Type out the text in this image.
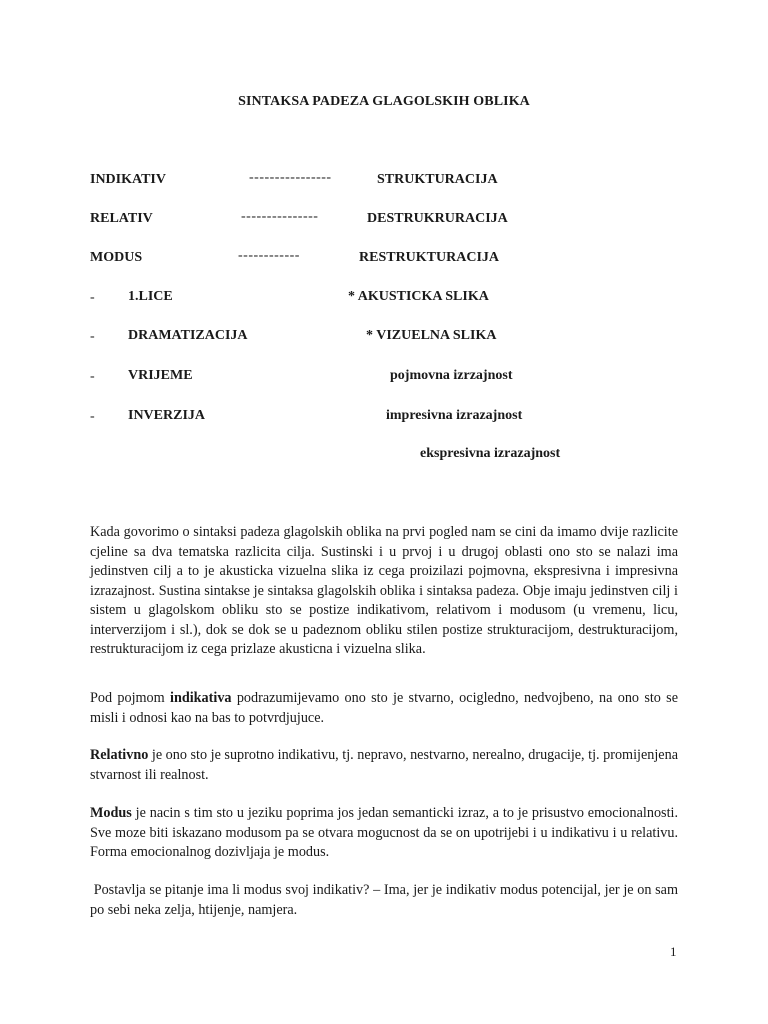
SINTAKSA PADEZA GLAGOLSKIH OBLIKA
INDIKATIV	----------------	STRUKTURACIJA
RELATIV	---------------	DESTRUKRURACIJA
MODUS	------------	RESTRUKTURACIJA
- 1.LICE	* AKUSTICKA SLIKA
- DRAMATIZACIJA	* VIZUELNA SLIKA
- VRIJEME	pojmovna izrzajnost
- INVERZIJA	impresivna izrazajnost
ekspresivna izrazajnost

Kada govorimo o sintaksi padeza glagolskih oblika na prvi pogled nam se cini da imamo dvije razlicite cjeline sa dva tematska razlicita cilja. Sustinski i u prvoj i u drugoj oblasti ono sto se nalazi ima jedinstven cilj a to je akusticka vizuelna slika iz cega proizilazi pojmovna, ekspresivna i impresivna izrazajnost. Sustina sintakse je sintaksa glagolskih oblika i sintaksa padeza. Obje imaju jedinstven cilj i sistem u glagolskom obliku sto se postize indikativom, relativom i modusom (u vremenu, licu, interverzijom i sl.), dok se dok se u padeznom obliku stilen postize strukturacijom, destrukturacijom, restrukturacijom iz cega prizlaze akusticna i vizuelna slika.

Pod pojmom indikativa podrazumijevamo ono sto je stvarno, ocigledno, nedvojbeno, na ono sto se misli i odnosi kao na bas to potvrdjujuce.

Relativno je ono sto je suprotno indikativu, tj. nepravo, nestvarno, nerealno, drugacije, tj. promijenjena stvarnost ili realnost.

Modus je nacin s tim sto u jeziku poprima jos jedan semanticki izraz, a to je prisustvo emocionalnosti. Sve moze biti iskazano modusom pa se otvara mogucnost da se on upotrijebi i u indikativu i u relativu. Forma emocionalnog dozivljaja je modus.

Postavlja se pitanje ima li modus svoj indikativ? – Ima, jer je indikativ modus potencijal, jer je on sam po sebi neka zelja, htijenje, namjera.

1
